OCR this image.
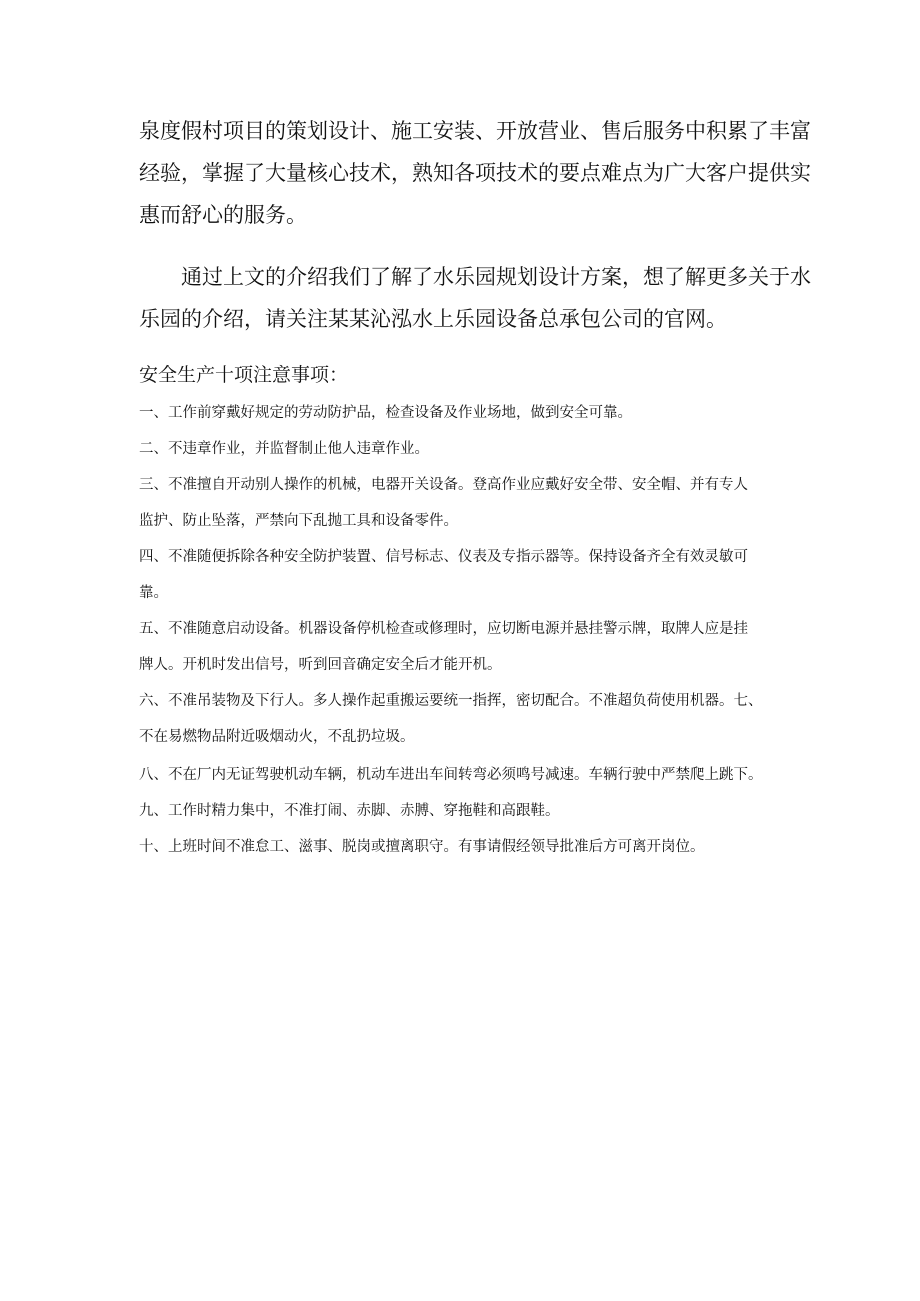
泉度假村项目的策划设计、施工安装、开放营业、售后服务中积累了丰富

经验，掌握了大量核心技术，熟知各项技术的要点难点为广大客户提供实

惠而舒心的服务。

　　通过上文的介绍我们了解了水乐园规划设计方案，想了解更多关于水

乐园的介绍，请关注某某沁泓水上乐园设备总承包公司的官网。

安全生产十项注意事项：

一、工作前穿戴好规定的劳动防护品，检查设备及作业场地，做到安全可靠。

二、不违章作业，并监督制止他人违章作业。

三、不准擅自开动别人操作的机械，电器开关设备。登高作业应戴好安全带、安全帽、并有专人

监护、防止坠落，严禁向下乱抛工具和设备零件。

四、不准随便拆除各种安全防护装置、信号标志、仪表及专指示器等。保持设备齐全有效灵敏可

靠。

五、不准随意启动设备。机器设备停机检查或修理时，应切断电源并悬挂警示牌，取牌人应是挂

牌人。开机时发出信号，听到回音确定安全后才能开机。

六、不准吊装物及下行人。多人操作起重搬运要统一指挥，密切配合。不准超负荷使用机器。七、

不在易燃物品附近吸烟动火，不乱扔垃圾。

八、不在厂内无证驾驶机动车辆，机动车进出车间转弯必须鸣号减速。车辆行驶中严禁爬上跳下。

九、工作时精力集中，不准打闹、赤脚、赤膊、穿拖鞋和高跟鞋。

十、上班时间不准怠工、滋事、脱岗或擅离职守。有事请假经领导批准后方可离开岗位。
